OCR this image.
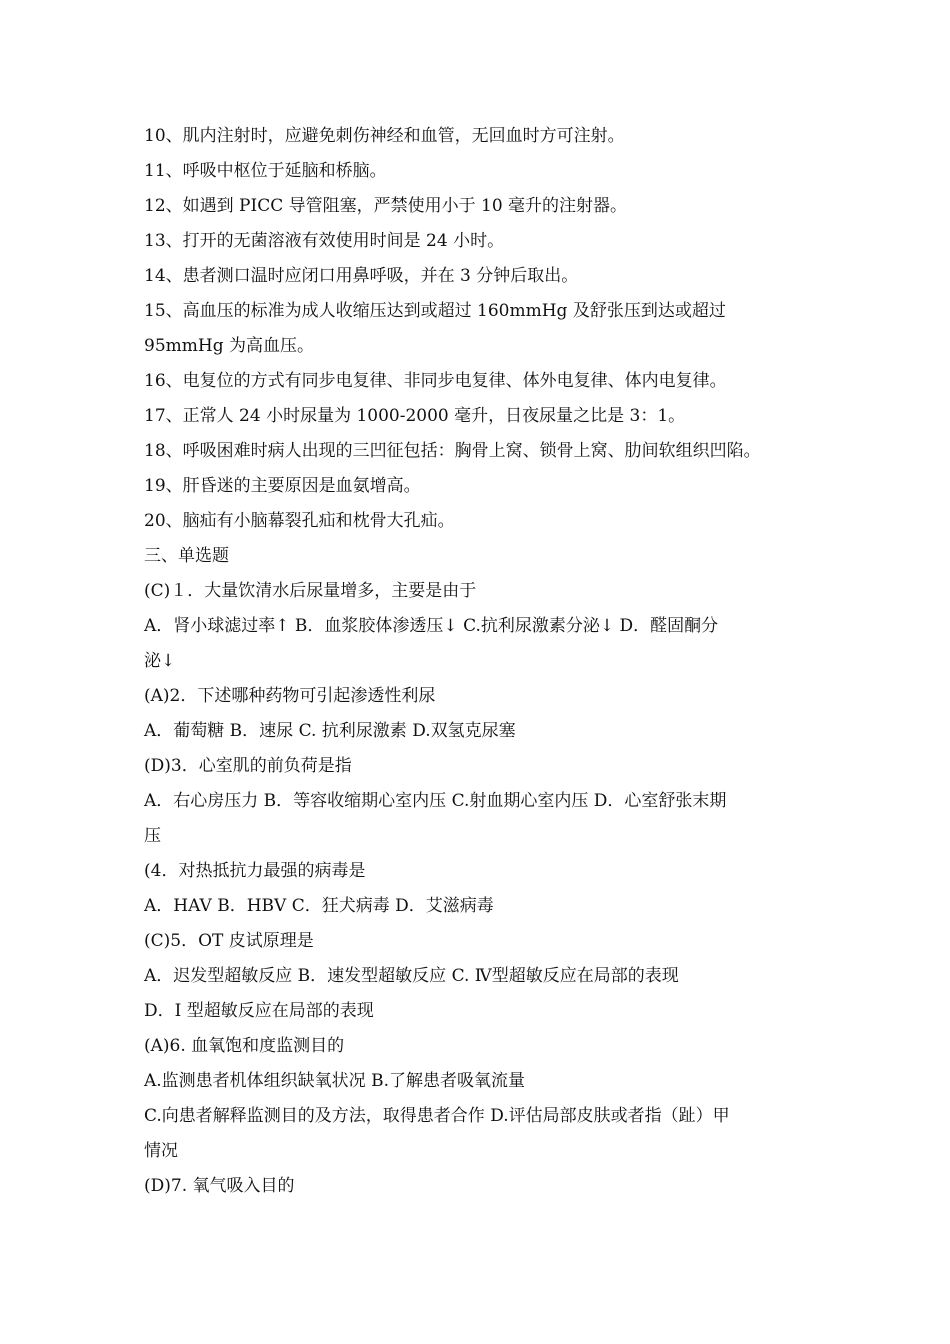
10、肌内注射时，应避免刺伤神经和血管，无回血时方可注射。

11、呼吸中枢位于延脑和桥脑。

12、如遇到 PICC 导管阻塞，严禁使用小于 10 毫升的注射器。

13、打开的无菌溶液有效使用时间是 24 小时。

14、患者测口温时应闭口用鼻呼吸，并在 3 分钟后取出。

15、高血压的标准为成人收缩压达到或超过 160mmHg 及舒张压到达或超过

95mmHg 为高血压。

16、电复位的方式有同步电复律、非同步电复律、体外电复律、体内电复律。

17、正常人 24 小时尿量为 1000-2000 毫升，日夜尿量之比是 3：1。

18、呼吸困难时病人出现的三凹征包括：胸骨上窝、锁骨上窝、肋间软组织凹陷。

19、肝昏迷的主要原因是血氨增高。

20、脑疝有小脑幕裂孔疝和枕骨大孔疝。

三、单选题

(C)１．大量饮清水后尿量增多，主要是由于

A．肾小球滤过率↑ B．血浆胶体渗透压↓ C.抗利尿激素分泌↓ D．醛固酮分

泌↓

(A)2．下述哪种药物可引起渗透性利尿

A．葡萄糖 B．速尿 C. 抗利尿激素 D.双氢克尿塞

(D)3．心室肌的前负荷是指

A．右心房压力 B．等容收缩期心室内压 C.射血期心室内压 D．心室舒张末期

压

(4．对热抵抗力最强的病毒是

A．HAV B．HBV C．狂犬病毒 D．艾滋病毒

(C)5．OT 皮试原理是

A．迟发型超敏反应 B．速发型超敏反应 C. Ⅳ型超敏反应在局部的表现

D．I 型超敏反应在局部的表现

(A)6. 血氧饱和度监测目的

A.监测患者机体组织缺氧状况 B.了解患者吸氧流量

C.向患者解释监测目的及方法，取得患者合作 D.评估局部皮肤或者指（趾）甲

情况

(D)7. 氧气吸入目的
